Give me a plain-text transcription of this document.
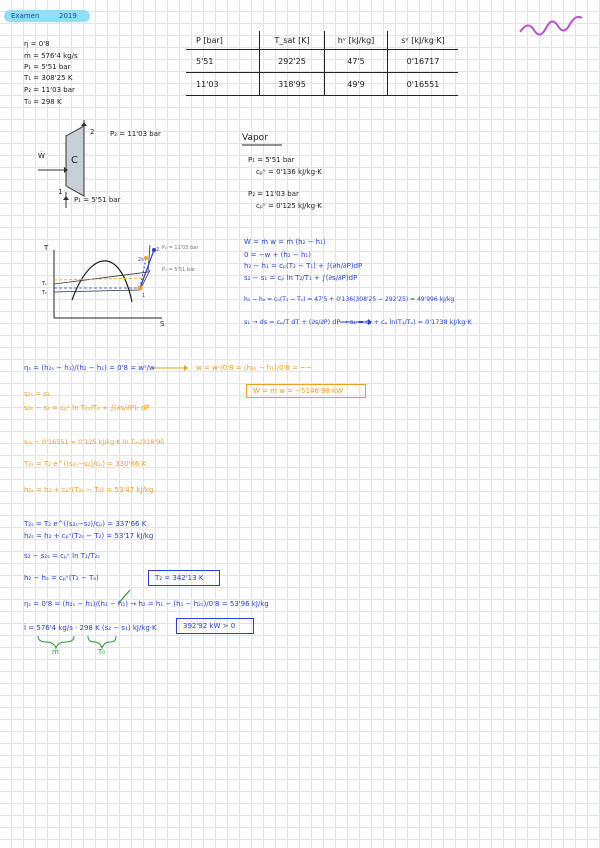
Examen	2019
η = 0'8
ṁ = 576'4 kg/s
P₁ = 5'51 bar
T₁ = 308'25 K
P₂ = 11'03 bar
T₀ = 298 K
P [bar]	T_sat [K]	hᵛ [kJ/kg]	sᵛ [kJ/kg·K]
5'51	292'25	47'5	0'16717
11'03	318'95	49'9	0'16551
C
Ẇ
1
2
P₁ = 5'51 bar
P₂ = 11'03 bar	Vapor
P₁ = 5'51 bar
cₚᵛ = 0'136 kJ/kg·K
P₂ = 11'03 bar
cₚᵛ = 0'125 kJ/kg·K
T
S
P₂ = 11'03 bar
P₁ = 5'51 bar
Tₛ
T₁
2
2s
1
Ẇ = ṁ w = ṁ (h₂ − h₁)
0 = −w + (h₂ − h₁)
h₂ − h₁ = cₚ(T₂ − T₁) + ∫(∂h/∂P)dP
s₂ − s₁ = cₚ ln T₂/T₁ + ∫(∂s/∂P)dP
h₁ − hₐ = cₚ(T₁ − Tₛ) = 47'5 + 0'136(308'25 − 292'25) = 49'996 kJ/kg
s₁ → ds = cₚ/T dT + (∂s/∂P) dP → s₁ = sₐ + cₚ ln(T₁/Tₛ) = 0'1738 kJ/kg·K
ηₛ = (h₂ₛ − h₁)/(h₂ − h₁) = 0'8 = wˢ/w	w = wˢ/0'8 = (h₂ₛ − h₁)/0'8 = ~~
Ẇ = ṁ w = −5146'98 kW
s₂ₛ = s₁
s₂ₛ − s₂ = cₚᵛ ln T₂ₛ/T₂ + ∫(∂s/∂P)ₜ dP
s₂ₛ − 0'16551 = 0'125 kJ/kg·K ln T₂ₛ/318'95
T₂ₛ = T₂ e^((s₂ₛ−s₂)/cₚ) = 330'66 K
h₂ₛ = h₂ + cₚᵛ(T₂ₛ − T₂) = 53'47 kJ/kg
T₂ₛ = T₂ e^((s₂ₛ−s₂)/cₚ) = 337'66 K
h₂ₛ = h₂ + cₚᵛ(T₂ₛ − T₂) = 53'17 kJ/kg
s₂ − s₂ₛ = cₚᵛ ln T₂/T₂ₛ
h₂ − hₐ = cₚᵛ(T₂ − Tₐ)
ηₛ = 0'8 = (h₂ₛ − h₁)/(h₂ − h₁) → h₂ = h₁ − (h₁ − h₂ₛ)/0'8 = 53'96 kJ/kg
İ = 576'4 kg/s · 298 K (s₂ − s₁) kJ/kg·K
T₂ = 342'13 K
392'92 kW > 0
ṁ	T₀
